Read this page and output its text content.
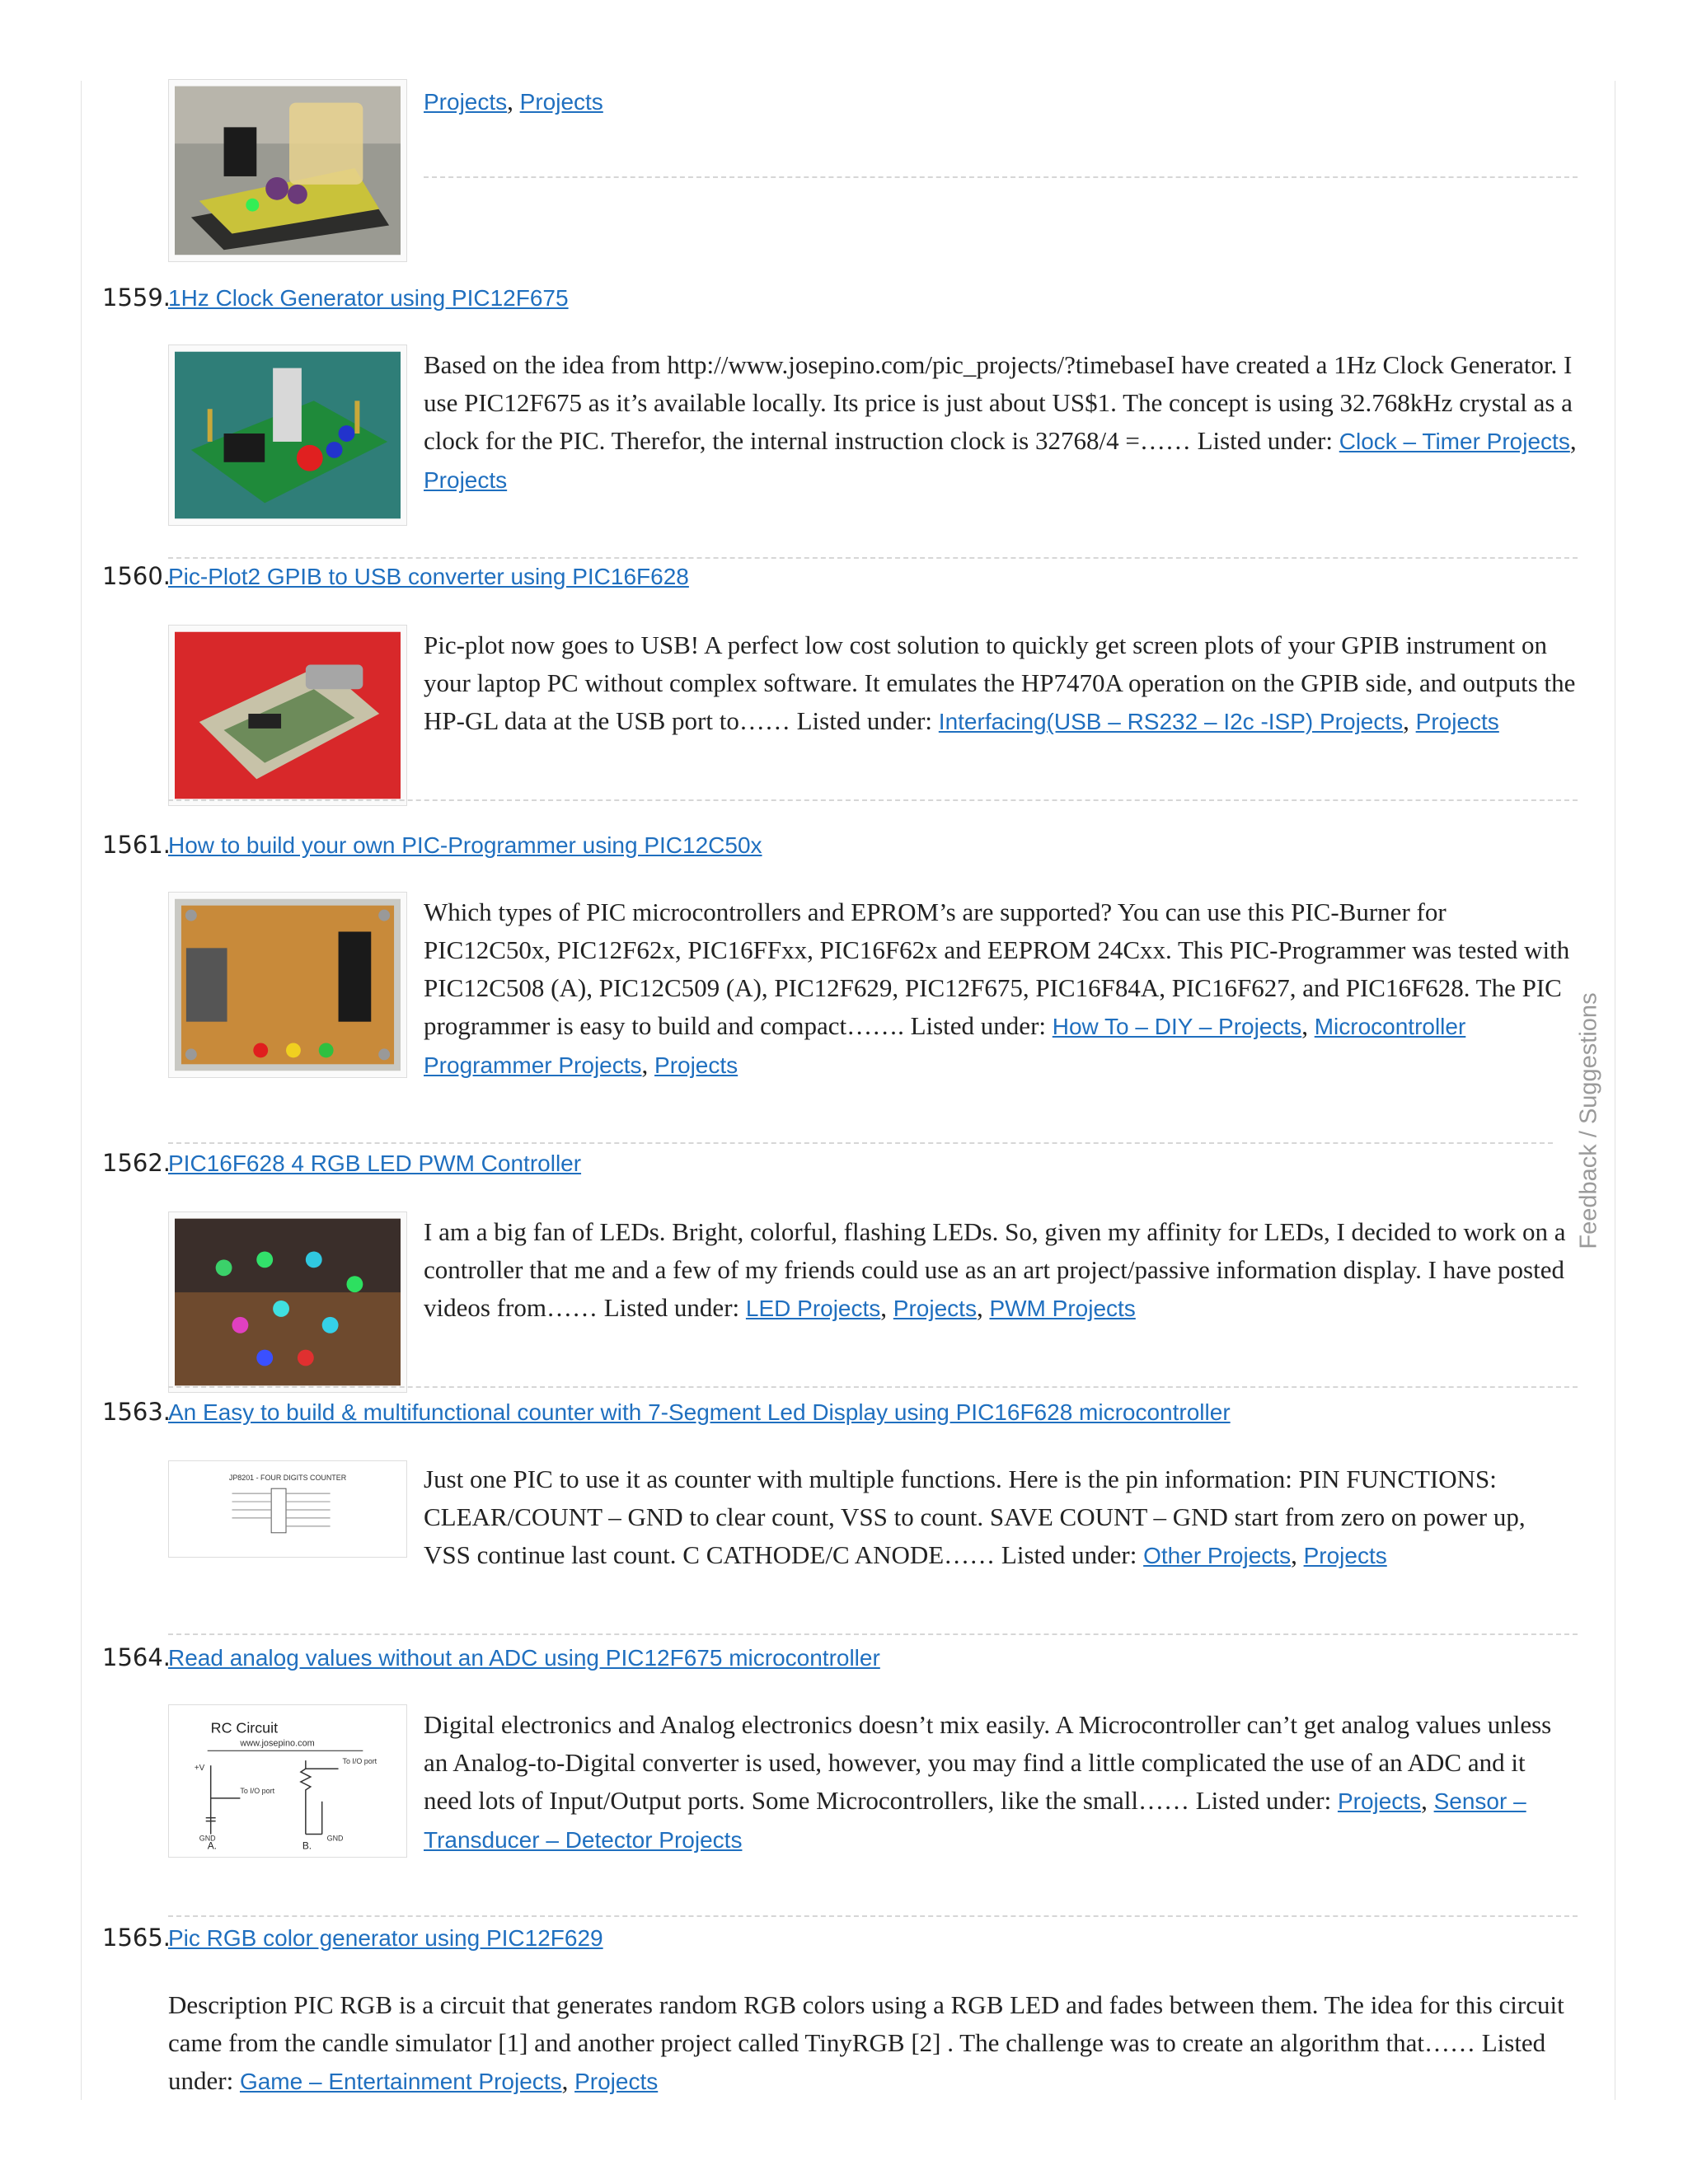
Projects, Projects
1559.
1Hz Clock Generator using PIC12F675
Based on the idea from http://www.josepino.com/pic_projects/?timebaseI have created a 1Hz Clock Generator. I use PIC12F675 as it’s available locally. Its price is just about US$1. The concept is using 32.768kHz crystal as a clock for the PIC. Therefor, the internal instruction clock is 32768/4 =…… Listed under: Clock – Timer Projects, Projects
1560.
Pic-Plot2 GPIB to USB converter using PIC16F628
Pic-plot now goes to USB! A perfect low cost solution to quickly get screen plots of your GPIB instrument on your laptop PC without complex software. It emulates the HP7470A operation on the GPIB side, and outputs the HP-GL data at the USB port to…… Listed under: Interfacing(USB – RS232 – I2c -ISP) Projects, Projects
1561.
How to build your own PIC-Programmer using PIC12C50x
Which types of PIC microcontrollers and EPROM’s are supported? You can use this PIC-Burner for PIC12C50x, PIC12F62x, PIC16FFxx, PIC16F62x and EEPROM 24Cxx. This PIC-Programmer was tested with PIC12C508 (A), PIC12C509 (A), PIC12F629, PIC12F675, PIC16F84A, PIC16F627, and PIC16F628. The PIC programmer is easy to build and compact……. Listed under: How To – DIY – Projects, Microcontroller Programmer Projects, Projects
1562.
PIC16F628 4 RGB LED PWM Controller
I am a big fan of LEDs. Bright, colorful, flashing LEDs. So, given my affinity for LEDs, I decided to work on a controller that me and a few of my friends could use as an art project/passive information display. I have posted videos from…… Listed under: LED Projects, Projects, PWM Projects
1563.
An Easy to build & multifunctional counter with 7-Segment Led Display using PIC16F628 microcontroller
JP8201 - FOUR DIGITS COUNTER	Just one PIC to use it as counter with multiple functions. Here is the pin information: PIN FUNCTIONS: CLEAR/COUNT – GND to clear count, VSS to count. SAVE COUNT – GND start from zero on power up, VSS continue last count. C CATHODE/C ANODE…… Listed under: Other Projects, Projects
1564.
Read analog values without an ADC using PIC12F675 microcontroller
RC Circuit
www.josepino.com
+V
To I/O port
To I/O port
GND	GND
A.	B.
Digital electronics and Analog electronics doesn’t mix easily. A Microcontroller can’t get analog values unless an Analog-to-Digital converter is used, however, you may find a little complicated the use of an ADC and it need lots of Input/Output ports. Some Microcontrollers, like the small…… Listed under: Projects, Sensor – Transducer – Detector Projects
1565.
Pic RGB color generator using PIC12F629
Description PIC RGB is a circuit that generates random RGB colors using a RGB LED and fades between them. The idea for this circuit came from the candle simulator [1] and another project called TinyRGB [2] . The challenge was to create an algorithm that…… Listed under: Game – Entertainment Projects, Projects
Feedback / Suggestions
